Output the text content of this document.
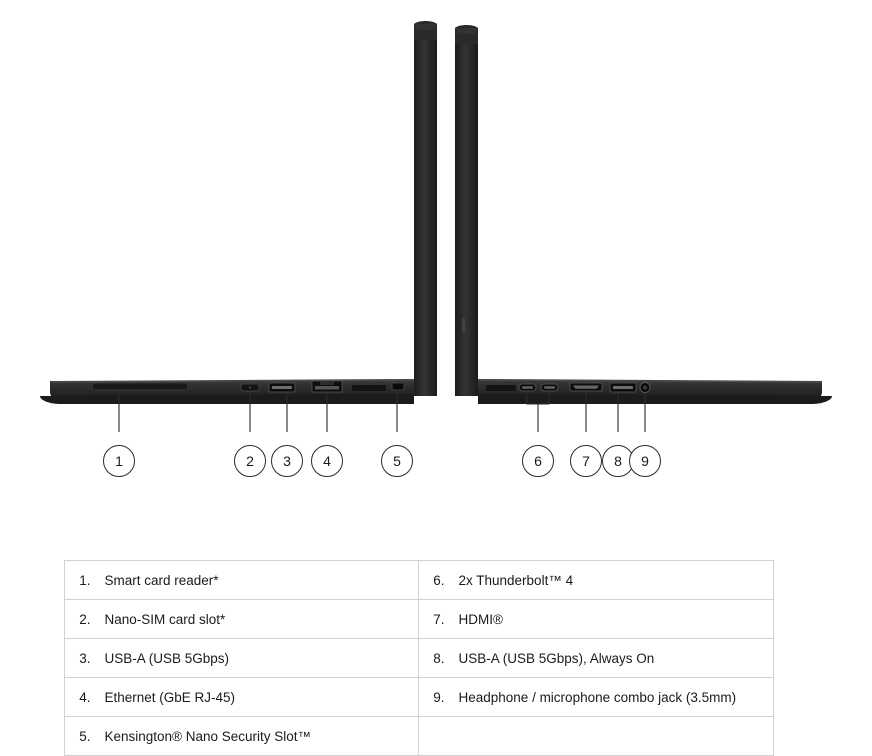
1	2	3	4	5	6	7	8	9
1.	Smart card reader*	6.	2x Thunderbolt™ 4
2.	Nano-SIM card slot*	7.	HDMI®
3.	USB-A (USB 5Gbps)	8.	USB-A (USB 5Gbps), Always On
4.	Ethernet (GbE RJ-45)	9.	Headphone / microphone combo jack (3.5mm)
5.	Kensington® Nano Security Slot™		
